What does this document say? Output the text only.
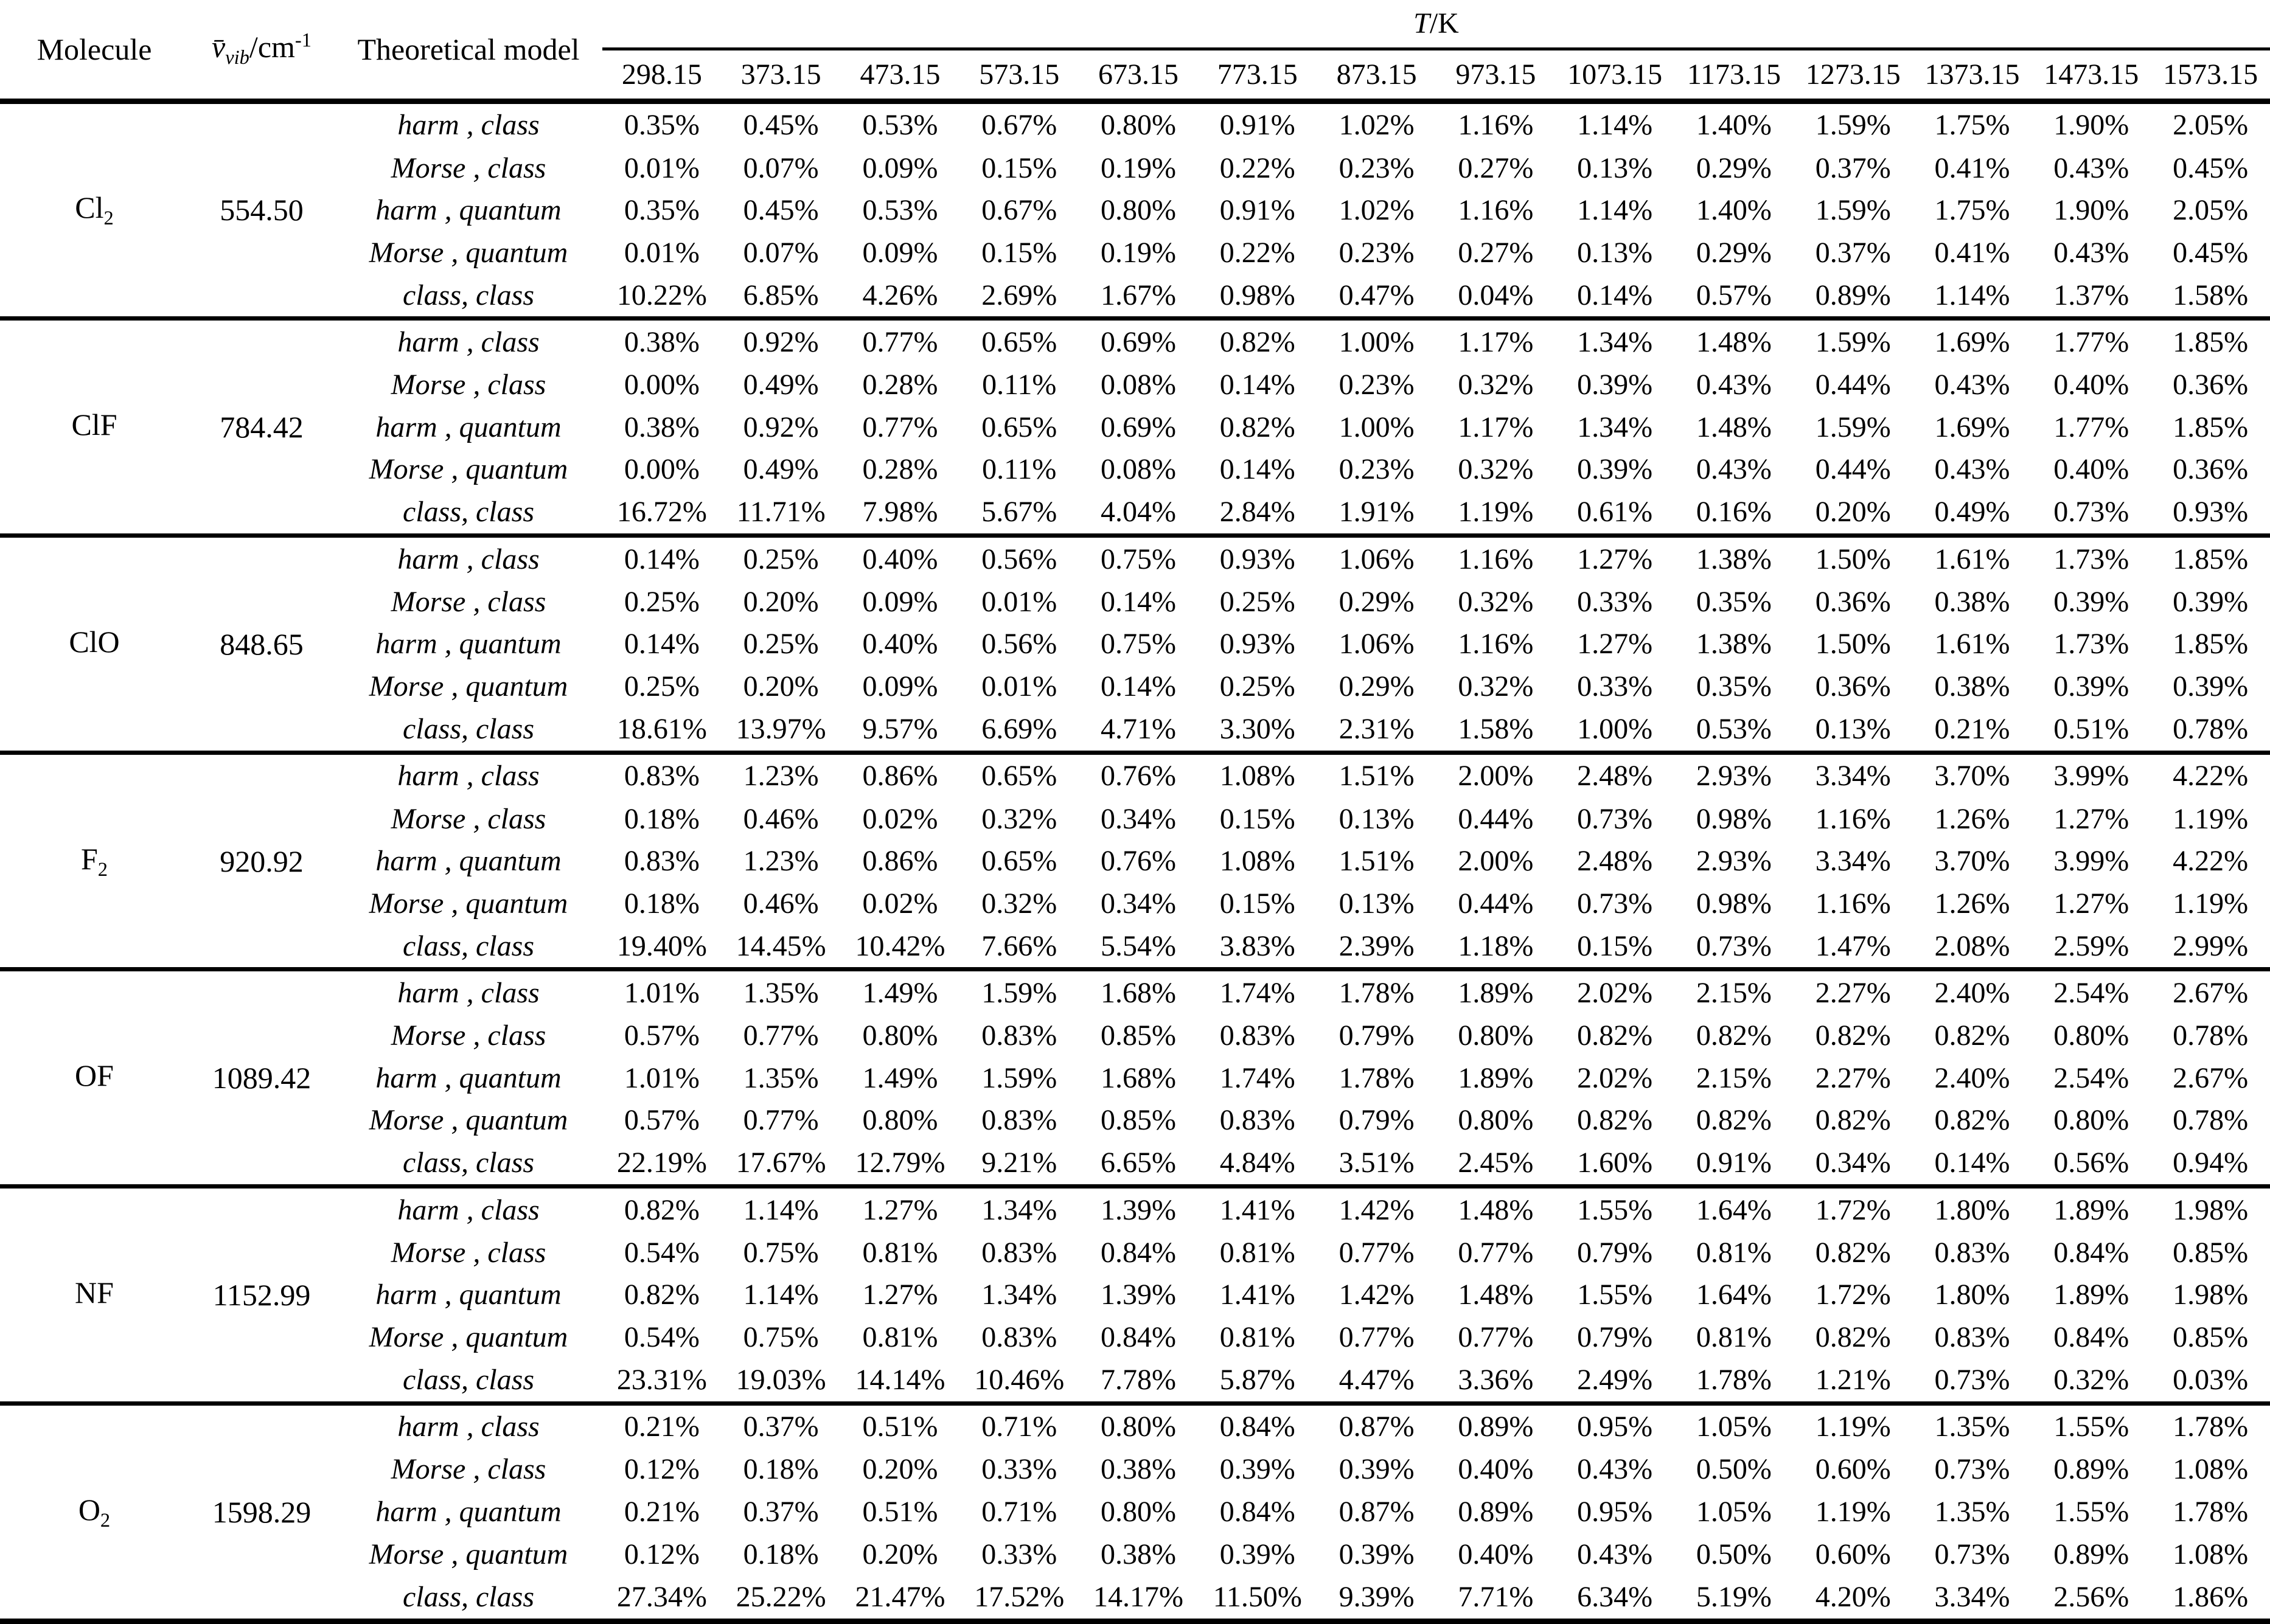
Molecule	$v̄_{vib}/cm^{-1}$	Theoretical model	T/K													
			298.15	373.15	473.15	573.15	673.15	773.15	873.15	973.15	1073.15	1173.15	1273.15	1373.15	1473.15	1573.15
$Cl_2$	554.50	harm , class	0.35%	0.45%	0.53%	0.67%	0.80%	0.91%	1.02%	1.16%	1.14%	1.40%	1.59%	1.75%	1.90%	2.05%
		Morse , class	0.01%	0.07%	0.09%	0.15%	0.19%	0.22%	0.23%	0.27%	0.13%	0.29%	0.37%	0.41%	0.43%	0.45%
		harm , quantum	0.35%	0.45%	0.53%	0.67%	0.80%	0.91%	1.02%	1.16%	1.14%	1.40%	1.59%	1.75%	1.90%	2.05%
		Morse , quantum	0.01%	0.07%	0.09%	0.15%	0.19%	0.22%	0.23%	0.27%	0.13%	0.29%	0.37%	0.41%	0.43%	0.45%
		class, class	10.22%	6.85%	4.26%	2.69%	1.67%	0.98%	0.47%	0.04%	0.14%	0.57%	0.89%	1.14%	1.37%	1.58%
ClF	784.42	harm , class	0.38%	0.92%	0.77%	0.65%	0.69%	0.82%	1.00%	1.17%	1.34%	1.48%	1.59%	1.69%	1.77%	1.85%
		Morse , class	0.00%	0.49%	0.28%	0.11%	0.08%	0.14%	0.23%	0.32%	0.39%	0.43%	0.44%	0.43%	0.40%	0.36%
		harm , quantum	0.38%	0.92%	0.77%	0.65%	0.69%	0.82%	1.00%	1.17%	1.34%	1.48%	1.59%	1.69%	1.77%	1.85%
		Morse , quantum	0.00%	0.49%	0.28%	0.11%	0.08%	0.14%	0.23%	0.32%	0.39%	0.43%	0.44%	0.43%	0.40%	0.36%
		class, class	16.72%	11.71%	7.98%	5.67%	4.04%	2.84%	1.91%	1.19%	0.61%	0.16%	0.20%	0.49%	0.73%	0.93%
ClO	848.65	harm , class	0.14%	0.25%	0.40%	0.56%	0.75%	0.93%	1.06%	1.16%	1.27%	1.38%	1.50%	1.61%	1.73%	1.85%
		Morse , class	0.25%	0.20%	0.09%	0.01%	0.14%	0.25%	0.29%	0.32%	0.33%	0.35%	0.36%	0.38%	0.39%	0.39%
		harm , quantum	0.14%	0.25%	0.40%	0.56%	0.75%	0.93%	1.06%	1.16%	1.27%	1.38%	1.50%	1.61%	1.73%	1.85%
		Morse , quantum	0.25%	0.20%	0.09%	0.01%	0.14%	0.25%	0.29%	0.32%	0.33%	0.35%	0.36%	0.38%	0.39%	0.39%
		class, class	18.61%	13.97%	9.57%	6.69%	4.71%	3.30%	2.31%	1.58%	1.00%	0.53%	0.13%	0.21%	0.51%	0.78%
$F_2$	920.92	harm , class	0.83%	1.23%	0.86%	0.65%	0.76%	1.08%	1.51%	2.00%	2.48%	2.93%	3.34%	3.70%	3.99%	4.22%
		Morse , class	0.18%	0.46%	0.02%	0.32%	0.34%	0.15%	0.13%	0.44%	0.73%	0.98%	1.16%	1.26%	1.27%	1.19%
		harm , quantum	0.83%	1.23%	0.86%	0.65%	0.76%	1.08%	1.51%	2.00%	2.48%	2.93%	3.34%	3.70%	3.99%	4.22%
		Morse , quantum	0.18%	0.46%	0.02%	0.32%	0.34%	0.15%	0.13%	0.44%	0.73%	0.98%	1.16%	1.26%	1.27%	1.19%
		class, class	19.40%	14.45%	10.42%	7.66%	5.54%	3.83%	2.39%	1.18%	0.15%	0.73%	1.47%	2.08%	2.59%	2.99%
OF	1089.42	harm , class	1.01%	1.35%	1.49%	1.59%	1.68%	1.74%	1.78%	1.89%	2.02%	2.15%	2.27%	2.40%	2.54%	2.67%
		Morse , class	0.57%	0.77%	0.80%	0.83%	0.85%	0.83%	0.79%	0.80%	0.82%	0.82%	0.82%	0.82%	0.80%	0.78%
		harm , quantum	1.01%	1.35%	1.49%	1.59%	1.68%	1.74%	1.78%	1.89%	2.02%	2.15%	2.27%	2.40%	2.54%	2.67%
		Morse , quantum	0.57%	0.77%	0.80%	0.83%	0.85%	0.83%	0.79%	0.80%	0.82%	0.82%	0.82%	0.82%	0.80%	0.78%
		class, class	22.19%	17.67%	12.79%	9.21%	6.65%	4.84%	3.51%	2.45%	1.60%	0.91%	0.34%	0.14%	0.56%	0.94%
NF	1152.99	harm , class	0.82%	1.14%	1.27%	1.34%	1.39%	1.41%	1.42%	1.48%	1.55%	1.64%	1.72%	1.80%	1.89%	1.98%
		Morse , class	0.54%	0.75%	0.81%	0.83%	0.84%	0.81%	0.77%	0.77%	0.79%	0.81%	0.82%	0.83%	0.84%	0.85%
		harm , quantum	0.82%	1.14%	1.27%	1.34%	1.39%	1.41%	1.42%	1.48%	1.55%	1.64%	1.72%	1.80%	1.89%	1.98%
		Morse , quantum	0.54%	0.75%	0.81%	0.83%	0.84%	0.81%	0.77%	0.77%	0.79%	0.81%	0.82%	0.83%	0.84%	0.85%
		class, class	23.31%	19.03%	14.14%	10.46%	7.78%	5.87%	4.47%	3.36%	2.49%	1.78%	1.21%	0.73%	0.32%	0.03%
$O_2$	1598.29	harm , class	0.21%	0.37%	0.51%	0.71%	0.80%	0.84%	0.87%	0.89%	0.95%	1.05%	1.19%	1.35%	1.55%	1.78%
		Morse , class	0.12%	0.18%	0.20%	0.33%	0.38%	0.39%	0.39%	0.40%	0.43%	0.50%	0.60%	0.73%	0.89%	1.08%
		harm , quantum	0.21%	0.37%	0.51%	0.71%	0.80%	0.84%	0.87%	0.89%	0.95%	1.05%	1.19%	1.35%	1.55%	1.78%
		Morse , quantum	0.12%	0.18%	0.20%	0.33%	0.38%	0.39%	0.39%	0.40%	0.43%	0.50%	0.60%	0.73%	0.89%	1.08%
		class, class	27.34%	25.22%	21.47%	17.52%	14.17%	11.50%	9.39%	7.71%	6.34%	5.19%	4.20%	3.34%	2.56%	1.86%
